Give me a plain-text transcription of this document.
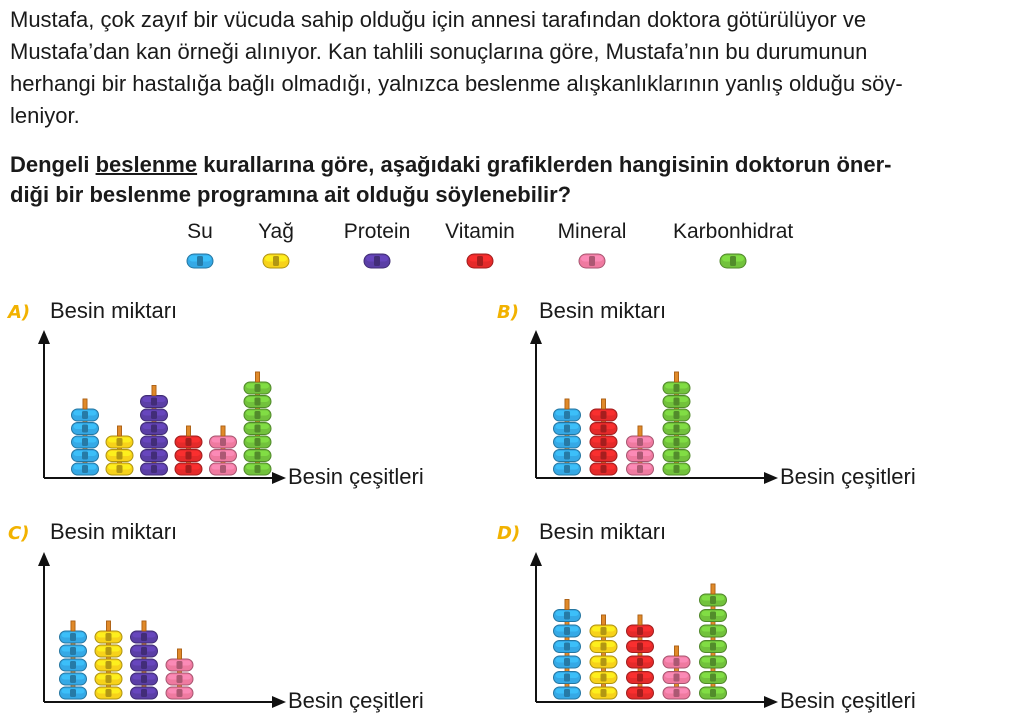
Mustafa, çok zayıf bir vücuda sahip olduğu için annesi tarafından doktora götürülüyor ve
Mustafa’dan kan örneği alınıyor. Kan tahlili sonuçlarına göre, Mustafa’nın bu durumunun
herhangi bir hastalığa bağlı olmadığı, yalnızca beslenme alışkanlıklarının yanlış olduğu söy-
leniyor.
Dengeli beslenme kurallarına göre, aşağıdaki grafiklerden hangisinin doktorun öner-
diği bir beslenme programına ait olduğu söylenebilir?
Su	Yağ	Protein	Vitamin	Mineral	Karbonhidrat
A) Besin miktarı
Besin çeşitleri
B) Besin miktarı
Besin çeşitleri
C) Besin miktarı
Besin çeşitleri
D) Besin miktarı
Besin çeşitleri
